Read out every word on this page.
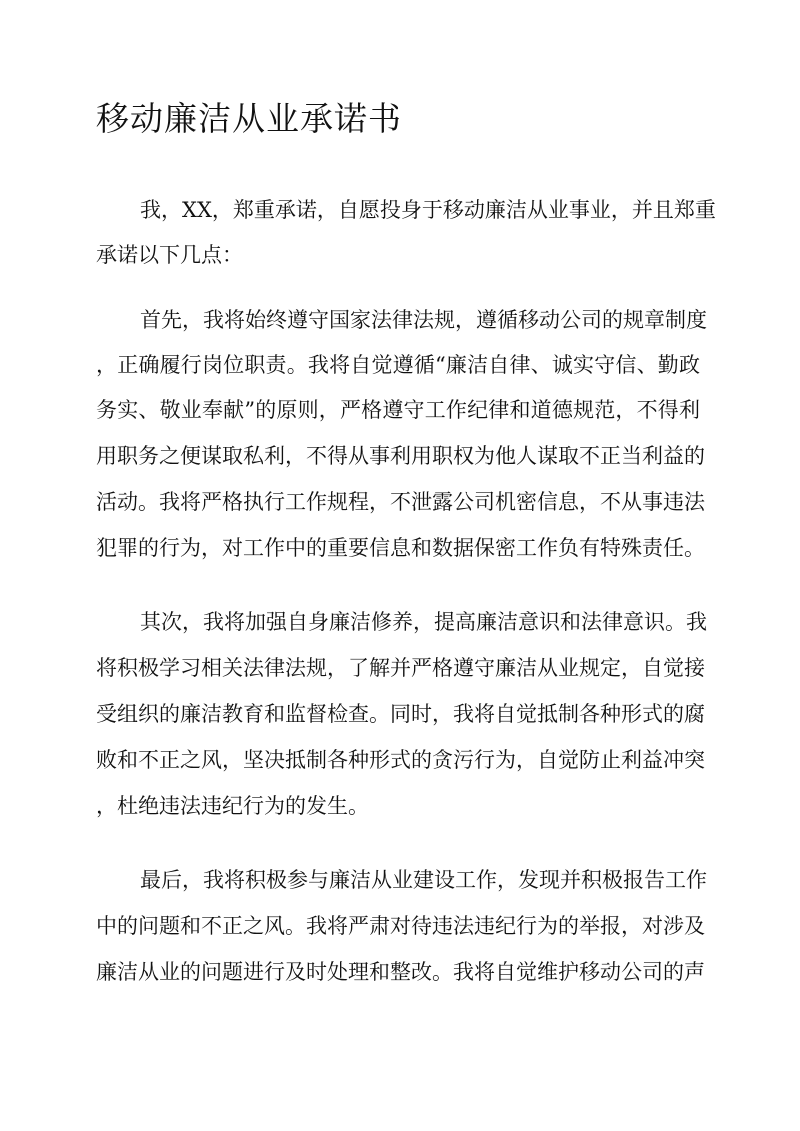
移动廉洁从业承诺书
我，XX，郑重承诺，自愿投身于移动廉洁从业事业，并且郑重
承诺以下几点：
首先，我将始终遵守国家法律法规，遵循移动公司的规章制度
，正确履行岗位职责。我将自觉遵循“廉洁自律、诚实守信、勤政
务实、敬业奉献”的原则，严格遵守工作纪律和道德规范，不得利
用职务之便谋取私利，不得从事利用职权为他人谋取不正当利益的
活动。我将严格执行工作规程，不泄露公司机密信息，不从事违法
犯罪的行为，对工作中的重要信息和数据保密工作负有特殊责任。
其次，我将加强自身廉洁修养，提高廉洁意识和法律意识。我
将积极学习相关法律法规，了解并严格遵守廉洁从业规定，自觉接
受组织的廉洁教育和监督检查。同时，我将自觉抵制各种形式的腐
败和不正之风，坚决抵制各种形式的贪污行为，自觉防止利益冲突
，杜绝违法违纪行为的发生。
最后，我将积极参与廉洁从业建设工作，发现并积极报告工作
中的问题和不正之风。我将严肃对待违法违纪行为的举报，对涉及
廉洁从业的问题进行及时处理和整改。我将自觉维护移动公司的声
